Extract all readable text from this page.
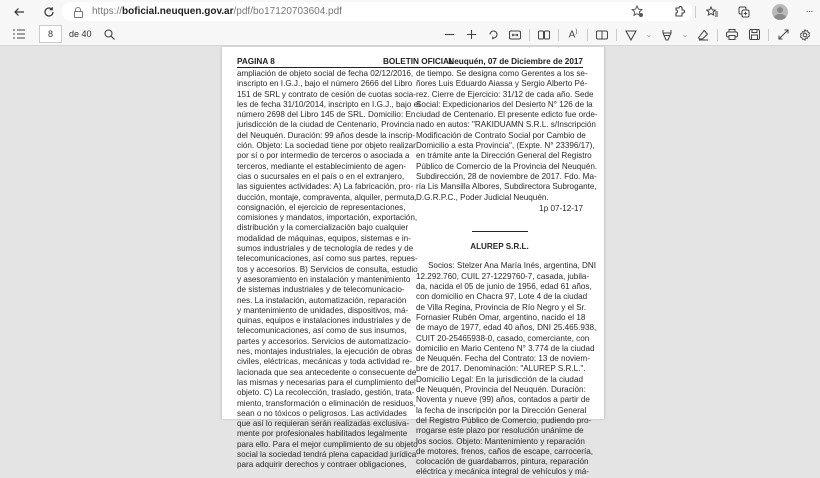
https:// boficial.neuquen.gov.ar /pdf/bo17120703604.pdf	···
8	de 40	A)	⌄	⌄
PAGINA 8	BOLETIN OFICIAL
Neuquén, 07 de Diciembre de 2017
ampliación de objeto social de fecha 02/12/2016,
inscripto en I.G.J., bajo el número 2666 del Libro
151 de SRL y contrato de cesión de cuotas socia-
les de fecha 31/10/2014, inscripto en I.G.J., bajo el
número 2698 del Libro 145 de SRL. Domicilio: En
jurisdicción de la ciudad de Centenario, Provincia
del Neuquén. Duración: 99 años desde la inscrip-
ción. Objeto: La sociedad tiene por objeto realizar
por sí o por intermedio de terceros o asociada a
terceros, mediante el establecimiento de agen-
cias o sucursales en el país o en el extranjero,
las siguientes actividades: A) La fabricación, pro-
ducción, montaje, compraventa, alquiler, permuta,
consignación, el ejercicio de representaciones,
comisiones y mandatos, importación, exportación,
distribución y la comercialización bajo cualquier
modalidad de máquinas, equipos, sistemas e in-
sumos industriales y de tecnología de redes y de
telecomunicaciones, así como sus partes, repues-
tos y accesorios. B) Servicios de consulta, estudio
y asesoramiento en instalación y mantenimiento
de sistemas industriales y de telecomunicacio-
nes. La instalación, automatización, reparación
y mantenimiento de unidades, dispositivos, má-
quinas, equipos e instalaciones industriales y de
telecomunicaciones, así como de sus insumos,
partes y accesorios. Servicios de automatizacio-
nes, montajes industriales, la ejecución de obras
civiles, eléctricas, mecánicas y toda actividad re-
lacionada que sea antecedente o consecuente de
las mismas y necesarias para el cumplimiento del
objeto. C) La recolección, traslado, gestión, trata-
miento, transformación o eliminación de residuos,
sean o no tóxicos o peligrosos. Las actividades
que así lo requieran serán realizadas exclusiva-
mente por profesionales habilitados legalmente
para ello. Para el mejor cumplimiento de su objeto
social la sociedad tendrá plena capacidad jurídica
para adquirir derechos y contraer obligaciones,
de tiempo. Se designa como Gerentes a los se-
ñores Luis Eduardo Aiassa y Sergio Alberto Pé-
rez. Cierre de Ejercicio: 31/12 de cada año. Sede
Social: Expedicionarios del Desierto N° 126 de la
ciudad de Centenario. El presente edicto fue orde-
nado en autos: "RAKIDUAMN S.R.L. s/Inscripción
Modificación de Contrato Social por Cambio de
Domicilio a esta Provincia", (Expte. N° 23396/17),
en trámite ante la Dirección General del Registro
Público de Comercio de la Provincia del Neuquén.
Subdirección, 28 de noviembre de 2017. Fdo. Ma-
ría Lis Mansilla Albores, Subdirectora Subrogante,
D.G.R.P.C., Poder Judicial Neuquén.
1p 07-12-17
ALUREP S.R.L.
Socios: Stelzer Ana María Inés, argentina, DNI
12.292.760, CUIL 27-1229760-7, casada, jubila-
da, nacida el 05 de junio de 1956, edad 61 años,
con domicilio en Chacra 97, Lote 4 de la ciudad
de Villa Regina, Provincia de Río Negro y el Sr.
Fornasier Rubén Omar, argentino, nacido el 18
de mayo de 1977, edad 40 años, DNI 25.465.938,
CUIT 20-25465938-0, casado, comerciante, con
domicilio en Mario Centeno N° 3.774 de la ciudad
de Neuquén. Fecha del Contrato: 13 de noviem-
bre de 2017. Denominación: "ALUREP S.R.L.".
Domicilio Legal: En la jurisdicción de la ciudad
de Neuquén, Provincia del Neuquén. Duración:
Noventa y nueve (99) años, contados a partir de
la fecha de inscripción por la Dirección General
del Registro Público de Comercio, pudiendo pro-
rrogarse este plazo por resolución unánime de
los socios. Objeto: Mantenimiento y reparación
de motores, frenos, caños de escape, carrocería,
colocación de guardabarros, pintura, reparación
eléctrica y mecánica integral de vehículos y má-
